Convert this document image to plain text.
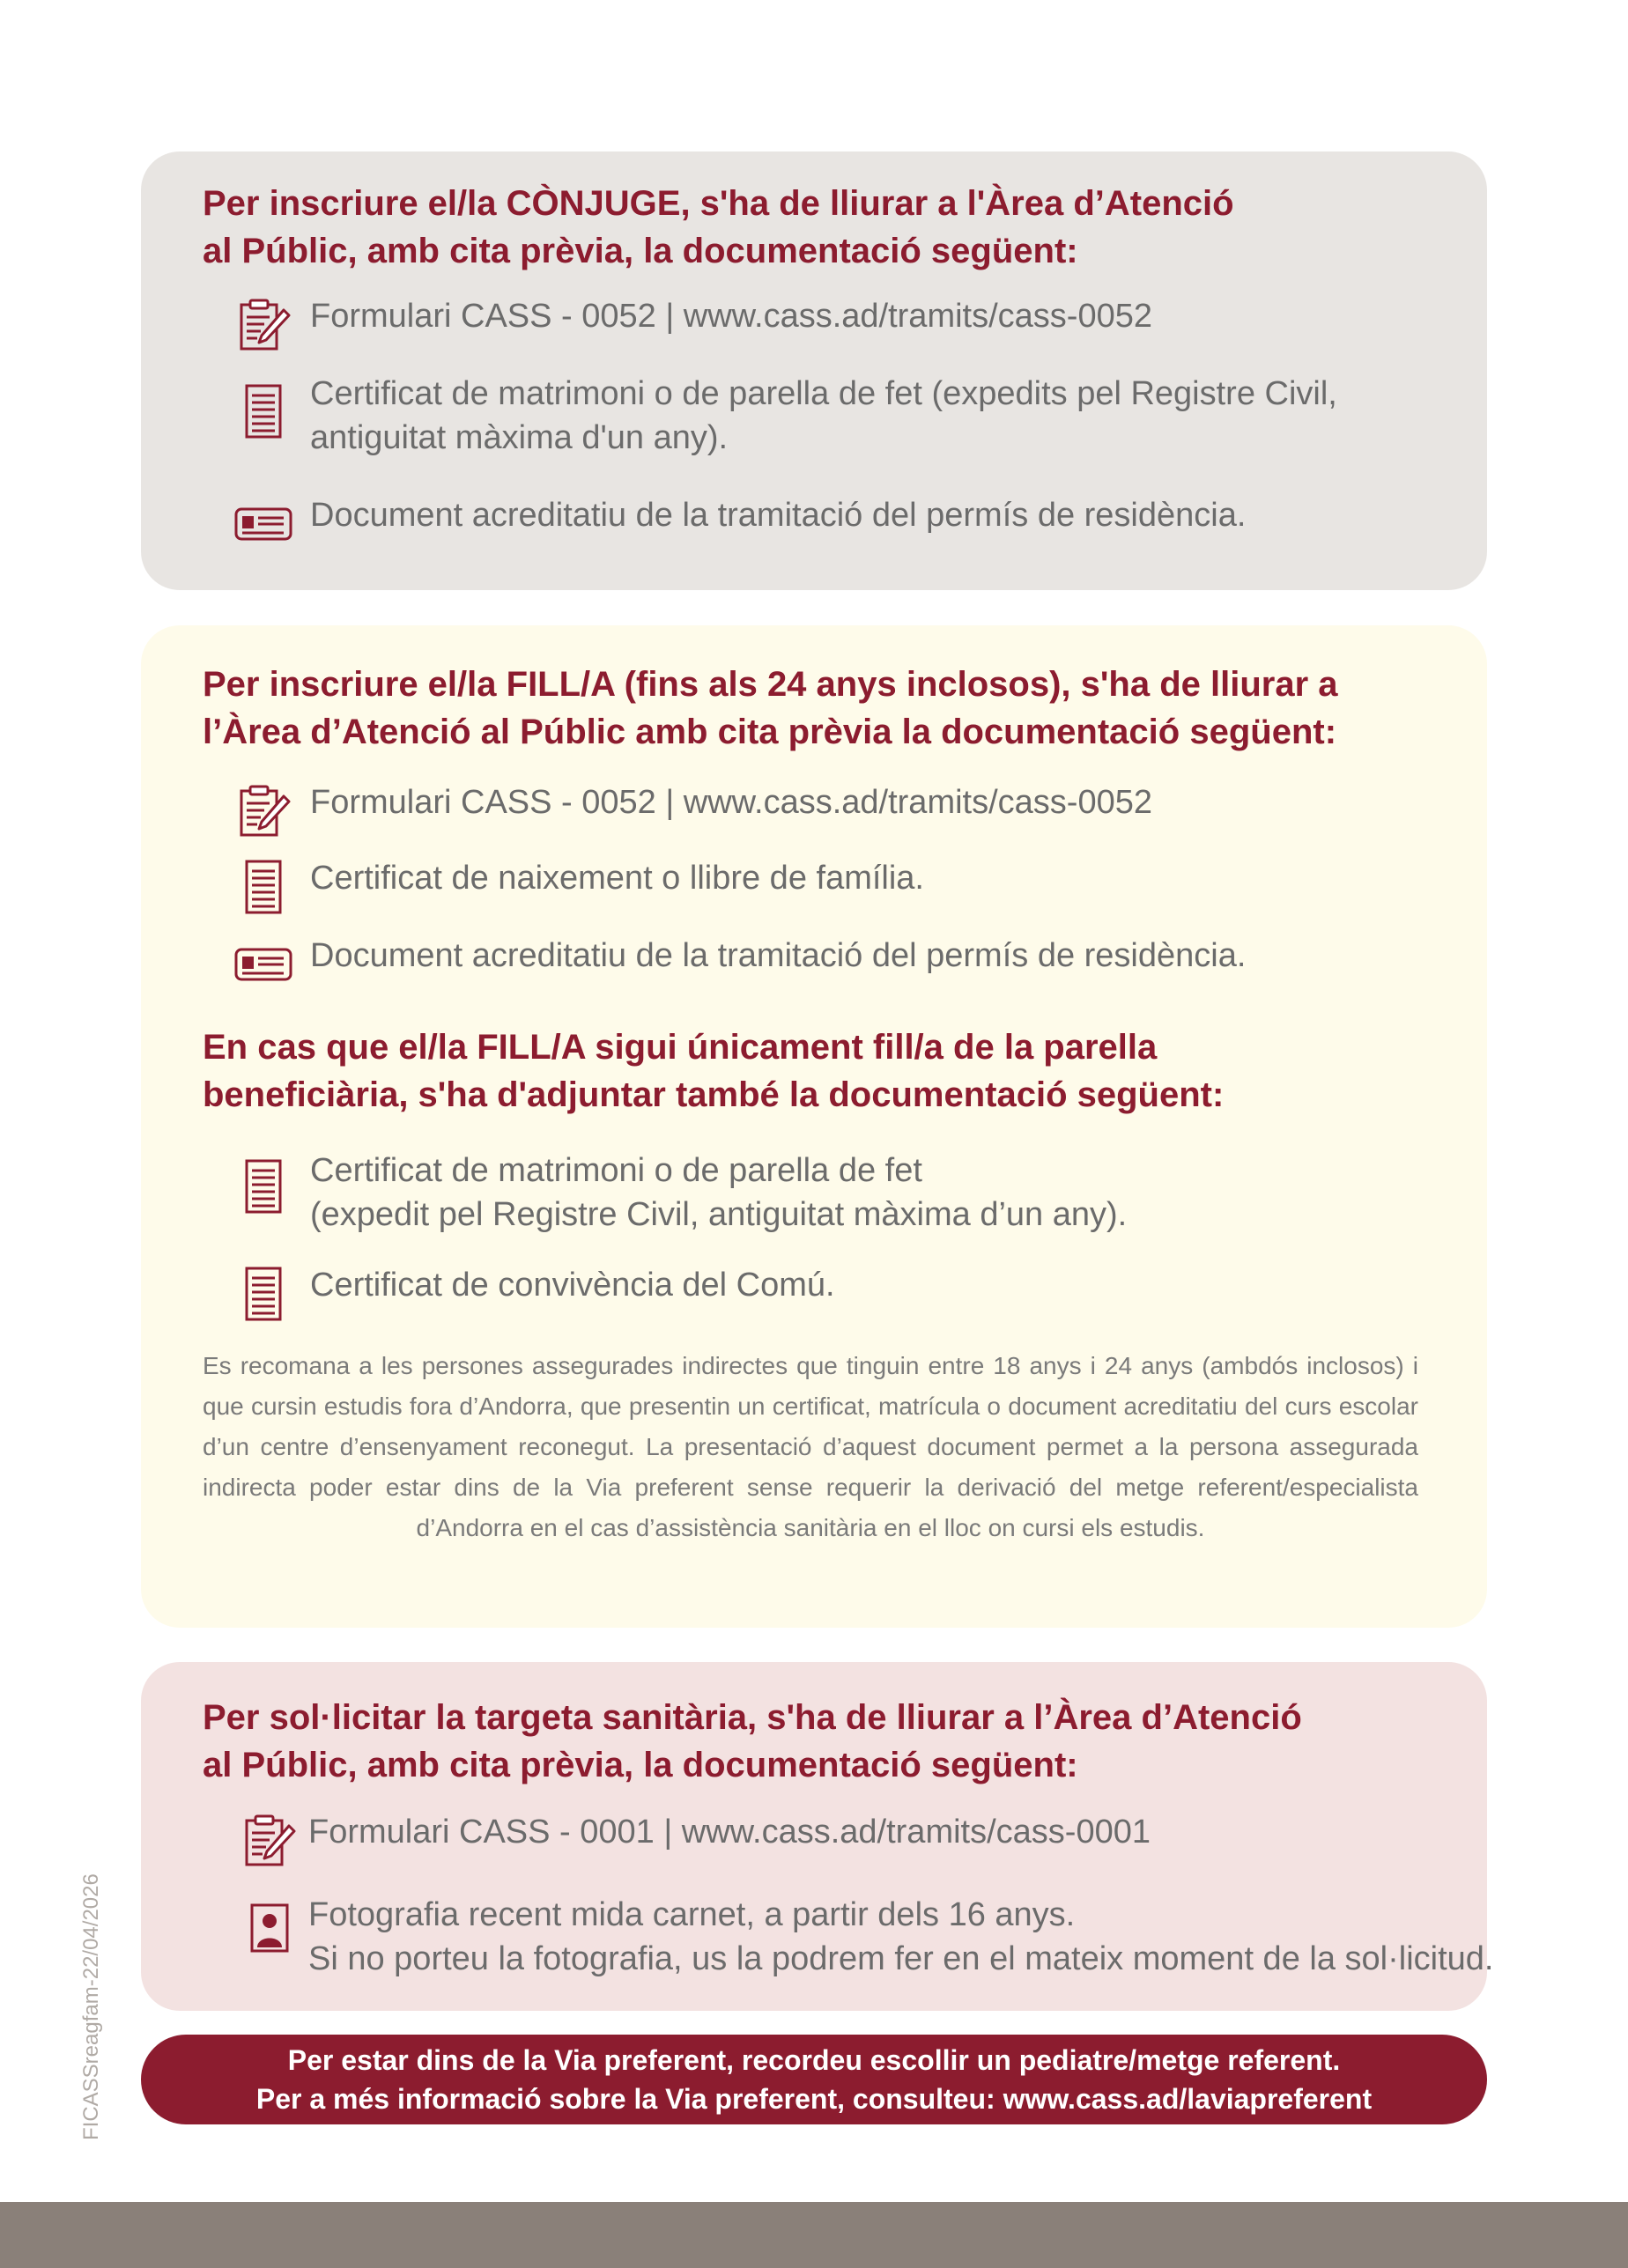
Per inscriure el/la CÒNJUGE, s'ha de lliurar a l'Àrea d’Atenció
al Públic, amb cita prèvia, la documentació següent:

Formulari CASS - 0052 | www.cass.ad/tramits/cass-0052
Certificat de matrimoni o de parella de fet (expedits pel Registre Civil,
antiguitat màxima d'un any).
Document acreditatiu de la tramitació del permís de residència.

Per inscriure el/la FILL/A (fins als 24 anys inclosos), s'ha de lliurar a
l’Àrea d’Atenció al Públic amb cita prèvia la documentació següent:

Formulari CASS - 0052 | www.cass.ad/tramits/cass-0052
Certificat de naixement o llibre de família.
Document acreditatiu de la tramitació del permís de residència.

En cas que el/la FILL/A sigui únicament fill/a de la parella
beneficiària, s'ha d'adjuntar també la documentació següent:

Certificat de matrimoni o de parella de fet
(expedit pel Registre Civil, antiguitat màxima d’un any).
Certificat de convivència del Comú.

Es recomana a les persones assegurades indirectes que tinguin entre 18 anys i 24 anys (ambdós inclosos) i que cursin estudis fora d’Andorra, que presentin un certificat, matrícula o document acreditatiu del curs escolar d’un centre d’ensenyament reconegut. La presentació d’aquest document permet a la persona assegurada indirecta poder estar dins de la Via preferent sense requerir la derivació del metge referent/especialista d’Andorra en el cas d’assistència sanitària en el lloc on cursi els estudis.

Per sol·licitar la targeta sanitària, s'ha de lliurar a l’Àrea d’Atenció
al Públic, amb cita prèvia, la documentació següent:

Formulari CASS - 0001 | www.cass.ad/tramits/cass-0001
Fotografia recent mida carnet, a partir dels 16 anys.
Si no porteu la fotografia, us la podrem fer en el mateix moment de la sol·licitud.
Per estar dins de la Via preferent, recordeu escollir un pediatre/metge referent.
Per a més informació sobre la Via preferent, consulteu: www.cass.ad/laviapreferent
FICASSreagfam-22/04/2026
